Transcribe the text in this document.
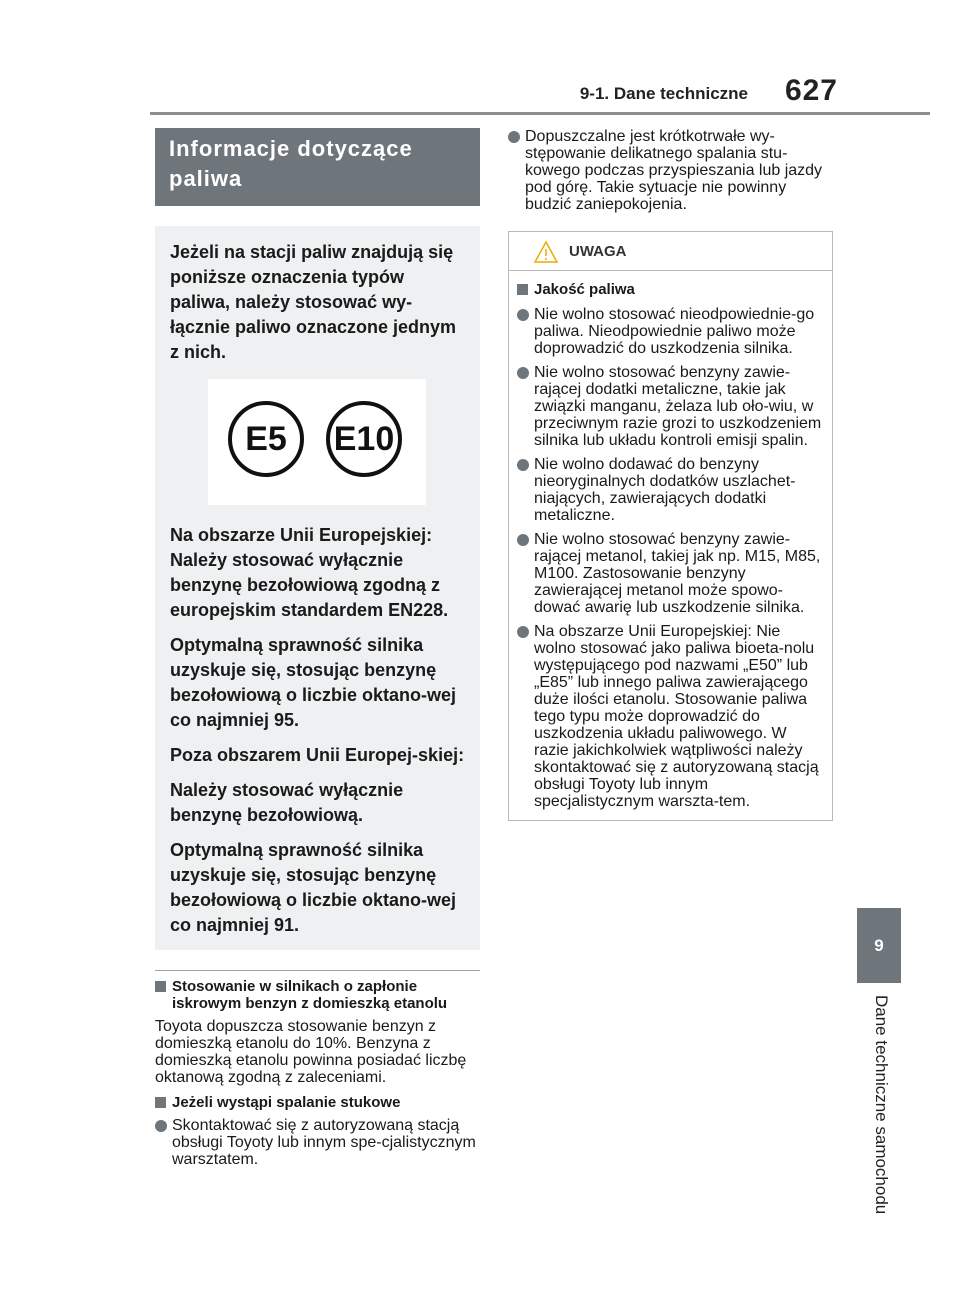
9-1. Dane techniczne 627
9
Dane techniczne samochodu
Informacje dotyczące paliwa

Jeżeli na stacji paliw znajdują się poniższe oznaczenia typów paliwa, należy stosować wy-łącznie paliwo oznaczone jednym z nich.

E5	E10

Na obszarze Unii Europejskiej: Należy stosować wyłącznie benzynę bezołowiową zgodną z europejskim standardem EN228.

Optymalną sprawność silnika uzyskuje się, stosując benzynę bezołowiową o liczbie oktano-wej co najmniej 95.

Poza obszarem Unii Europej-skiej:

Należy stosować wyłącznie benzynę bezołowiową.

Optymalną sprawność silnika uzyskuje się, stosując benzynę bezołowiową o liczbie oktano-wej co najmniej 91.

Stosowanie w silnikach o zapłonie iskrowym benzyn z domieszką etanolu

Toyota dopuszcza stosowanie benzyn z domieszką etanolu do 10%. Benzyna z domieszką etanolu powinna posiadać liczbę oktanową zgodną z zaleceniami.

Jeżeli wystąpi spalanie stukowe
Skontaktować się z autoryzowaną stacją obsługi Toyoty lub innym spe-cjalistycznym warsztatem.
Dopuszczalne jest krótkotrwałe wy-stępowanie delikatnego spalania stu-kowego podczas przyspieszania lub jazdy pod górę. Takie sytuacje nie powinny budzić zaniepokojenia.
UWAGA
Jakość paliwa
Nie wolno stosować nieodpowiednie-go paliwa. Nieodpowiednie paliwo może doprowadzić do uszkodzenia silnika.
Nie wolno stosować benzyny zawie-rającej dodatki metaliczne, takie jak związki manganu, żelaza lub oło-wiu, w przeciwnym razie grozi to uszkodzeniem silnika lub układu kontroli emisji spalin.
Nie wolno dodawać do benzyny nieoryginalnych dodatków uszlachet-niających, zawierających dodatki metaliczne.
Nie wolno stosować benzyny zawie-rającej metanol, takiej jak np. M15, M85, M100. Zastosowanie benzyny zawierającej metanol może spowo-dować awarię lub uszkodzenie silnika.
Na obszarze Unii Europejskiej: Nie wolno stosować jako paliwa bioeta-nolu występującego pod nazwami „E50” lub „E85” lub innego paliwa zawierającego duże ilości etanolu. Stosowanie paliwa tego typu może doprowadzić do uszkodzenia układu paliwowego. W razie jakichkolwiek wątpliwości należy skontaktować się z autoryzowaną stacją obsługi Toyoty lub innym specjalistycznym warszta-tem.
